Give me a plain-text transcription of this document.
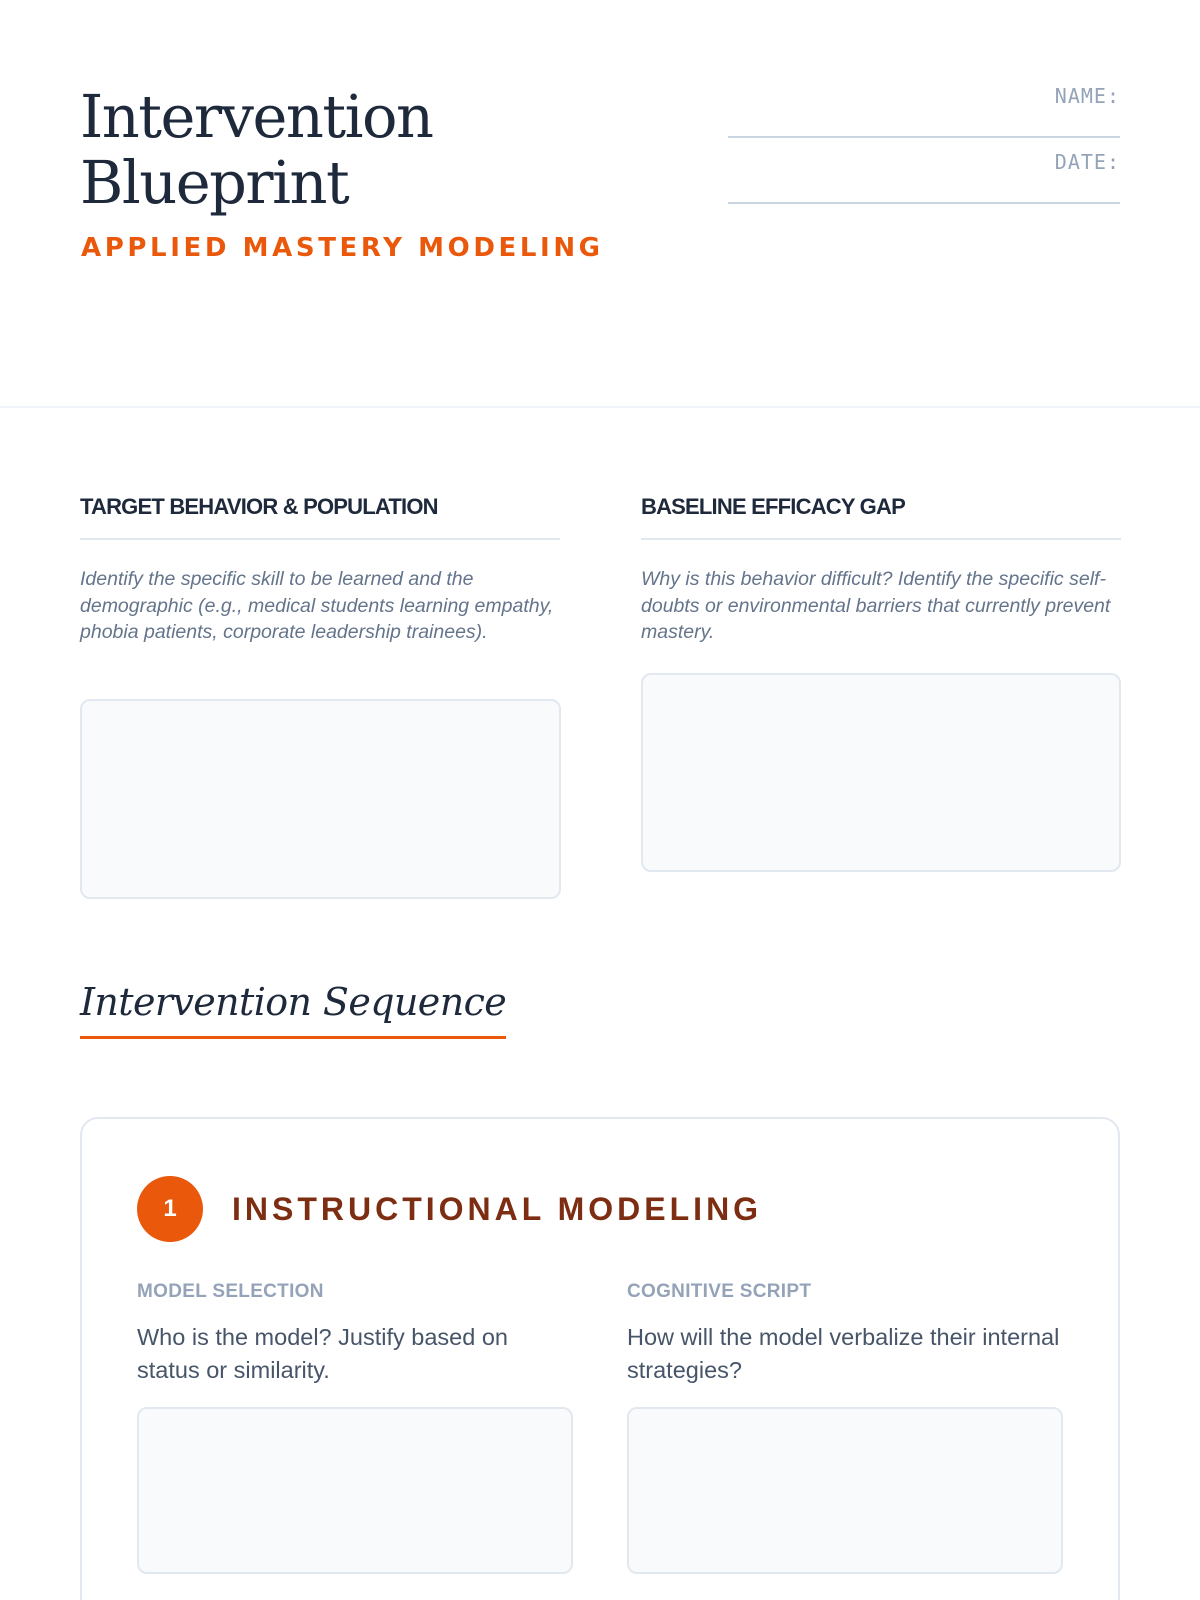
Intervention
Blueprint
APPLIED MASTERY MODELING
NAME:
DATE:
TARGET BEHAVIOR & POPULATION
Identify the specific skill to be learned and the demographic (e.g., medical students learning empathy, phobia patients, corporate leadership trainees).
BASELINE EFFICACY GAP
Why is this behavior difficult? Identify the specific self-doubts or environmental barriers that currently prevent mastery.
Intervention Sequence
1	INSTRUCTIONAL MODELING
MODEL SELECTION
Who is the model? Justify based on status or similarity.
COGNITIVE SCRIPT
How will the model verbalize their internal strategies?
